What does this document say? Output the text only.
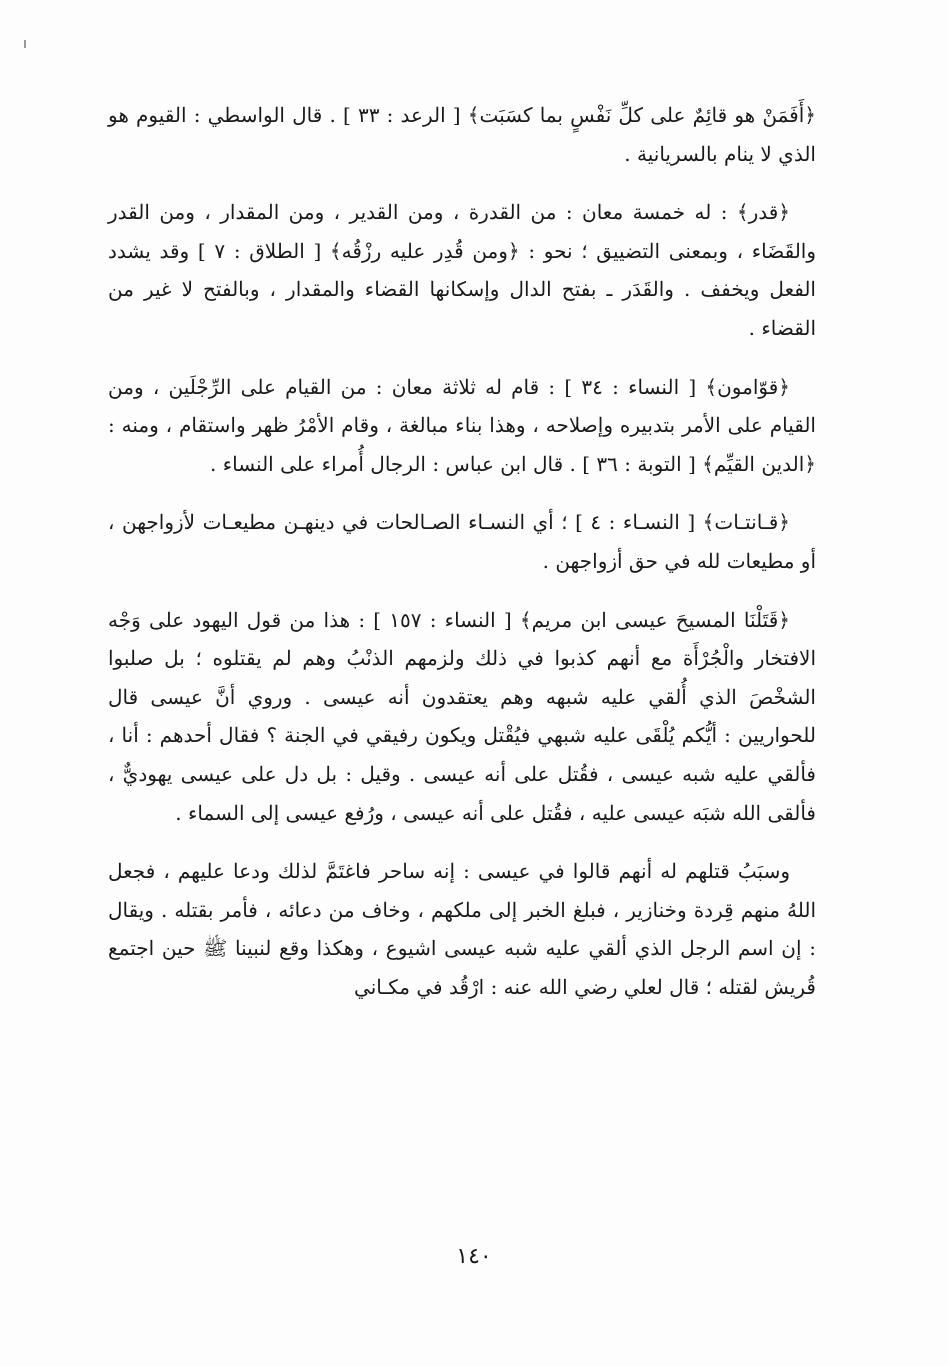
﴿أَفَمَنْ هو قائِمٌ على كلِّ نَفْسٍ بما كسَبَت﴾ [ الرعد : ٣٣ ] . قال الواسطي : القيوم هو الذي لا ينام بالسريانية .

﴿قدر﴾ : له خمسة معان : من القدرة ، ومن القدير ، ومن المقدار ، ومن القدر والقَضَاء ، وبمعنى التضييق ؛ نحو : ﴿ومن قُدِر عليه رزْقُه﴾ [ الطلاق : ٧ ] وقد يشدد الفعل ويخفف . والقَدَر ـ بفتح الدال وإسكانها القضاء والمقدار ، وبالفتح لا غير من القضاء .

﴿قوّامون﴾ [ النساء : ٣٤ ] : قام له ثلاثة معان : من القيام على الرِّجْلَين ، ومن القيام على الأمر بتدبيره وإصلاحه ، وهذا بناء مبالغة ، وقام الأمْرُ ظهر واستقام ، ومنه : ﴿الدين القيِّم﴾ [ التوبة : ٣٦ ] . قال ابن عباس : الرجال أُمراء على النساء .

﴿قـانتـات﴾ [ النسـاء : ٤ ] ؛ أي النسـاء الصـالحات في دينهـن مطيعـات لأزواجهن ، أو مطيعات لله في حق أزواجهن .

﴿قَتَلْنَا المسيحَ عيسى ابن مريم﴾ [ النساء : ١٥٧ ] : هذا من قول اليهود على وَجْه الافتخار والْجُرْأَة مع أنهم كذبوا في ذلك ولزمهم الذنْبُ وهم لم يقتلوه ؛ بل صلبوا الشخْصَ الذي أُلقي عليه شبهه وهم يعتقدون أنه عيسى . وروي أنَّ عيسى قال للحواريين : أيُّكم يُلْقَى عليه شبهي فيُقْتل ويكون رفيقي في الجنة ؟ فقال أحدهم : أنا ، فألقي عليه شبه عيسى ، فقُتل على أنه عيسى . وقيل : بل دل على عيسى يهوديٌّ ، فألقى الله شبَه عيسى عليه ، فقُتل على أنه عيسى ، ورُفع عيسى إلى السماء .

وسبَبُ قتلهم له أنهم قالوا في عيسى : إنه ساحر فاغتَمَّ لذلك ودعا عليهم ، فجعل اللهُ منهم قِردة وخنازير ، فبلغ الخبر إلى ملكهم ، وخاف من دعائه ، فأمر بقتله . ويقال : إن اسم الرجل الذي ألقي عليه شبه عيسى اشيوع ، وهكذا وقع لنبينا ﷺ حين اجتمع قُريش لقتله ؛ قال لعلي رضي الله عنه : ارْقُد في مكـاني

١٤٠
